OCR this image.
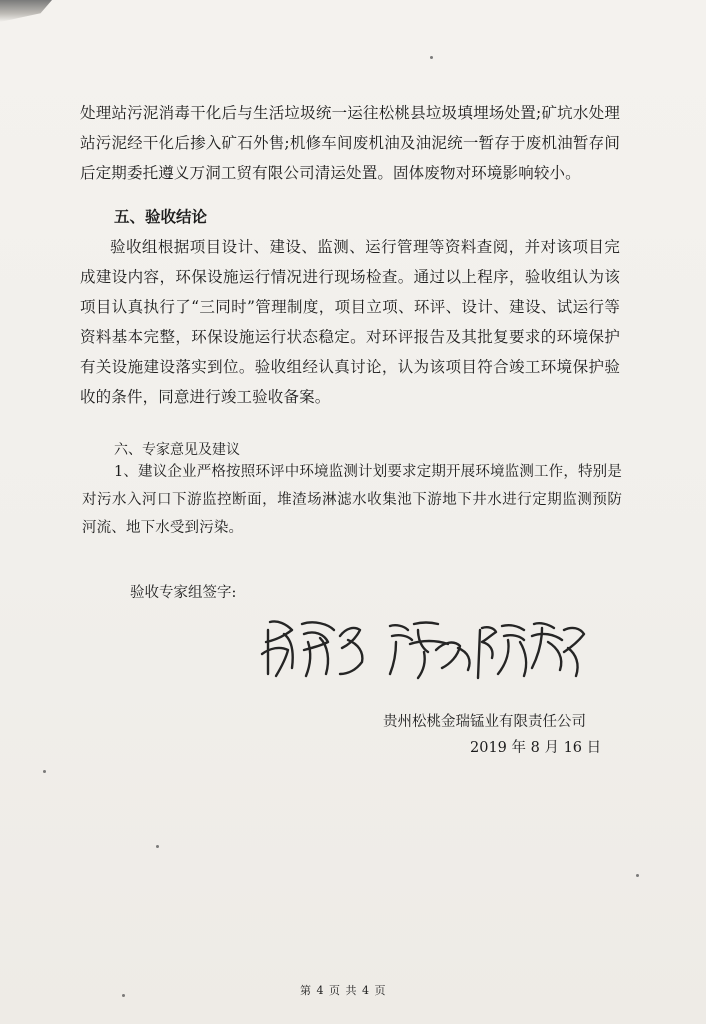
处理站污泥消毒干化后与生活垃圾统一运往松桃县垃圾填埋场处置;矿坑水处理站污泥经干化后掺入矿石外售;机修车间废机油及油泥统一暂存于废机油暂存间后定期委托遵义万洞工贸有限公司清运处置。固体废物对环境影响较小。
五、验收结论
验收组根据项目设计、建设、监测、运行管理等资料查阅，并对该项目完成建设内容，环保设施运行情况进行现场检查。通过以上程序，验收组认为该项目认真执行了“三同时”管理制度，项目立项、环评、设计、建设、试运行等资料基本完整，环保设施运行状态稳定。对环评报告及其批复要求的环境保护有关设施建设落实到位。验收组经认真讨论，认为该项目符合竣工环境保护验收的条件，同意进行竣工验收备案。
六、专家意见及建议
1、建议企业严格按照环评中环境监测计划要求定期开展环境监测工作，特别是对污水入河口下游监控断面，堆渣场淋滤水收集池下游地下井水进行定期监测预防河流、地下水受到污染。
验收专家组签字:
贵州松桃金瑞锰业有限责任公司
2019 年 8 月 16 日
第 4 页 共 4 页
